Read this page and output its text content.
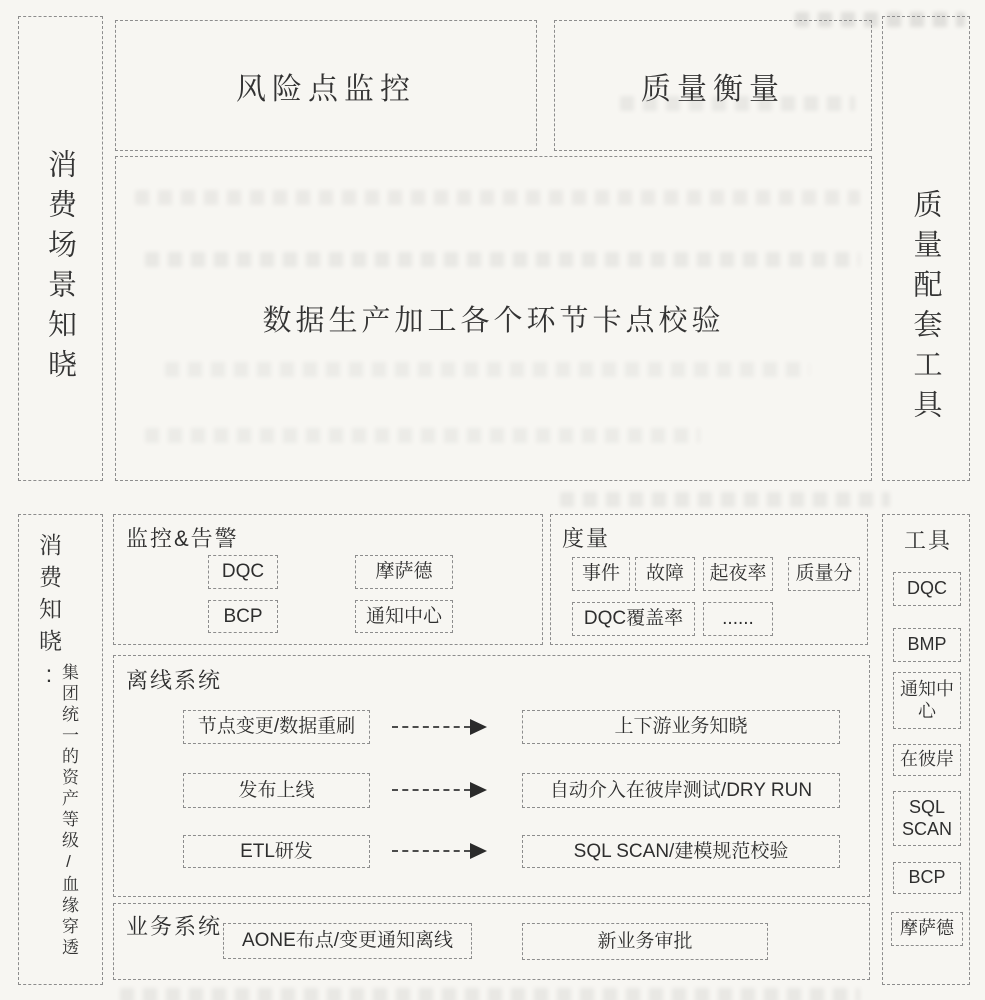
消费场景知晓
风险点监控	质量衡量
数据生产加工各个环节卡点校验	质量配套工具
消费知晓:
集团统一的资产等级/血缘穿透
监控&告警
DQC	摩萨德
BCP	通知中心
度量
事件 故障 起夜率 质量分
DQC覆盖率 ......
离线系统
节点变更/数据重刷	上下游业务知晓
发布上线	自动介入在彼岸测试/DRY RUN
ETL研发	SQL SCAN/建模规范校验
业务系统
AONE布点/变更通知离线	新业务审批
工具
DQC
BMP
通知中心
在彼岸
SQL SCAN
BCP
摩萨德
